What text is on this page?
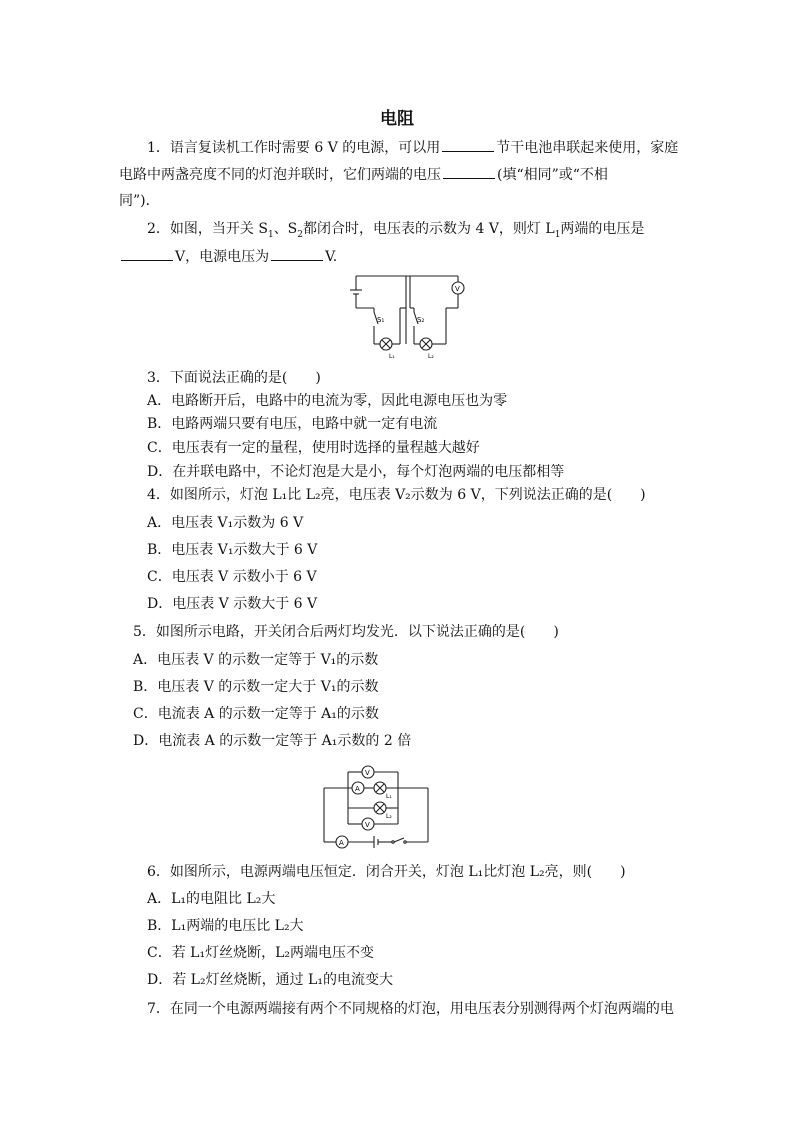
电阻
1．语言复读机工作时需要 6 V 的电源，可以用	节干电池串联起来使用，家庭
电路中两盏亮度不同的灯泡并联时，它们两端的电压	(填“相同”或“不相
同”)．
2．如图，当开关 $S_1$、$S_2$都闭合时，电压表的示数为 4 V，则灯 $L_1$两端的电压是
V，电源电压为	V.
S₁	S₂
L₁	L₂
V
3．下面说法正确的是(　　)
A．电路断开后，电路中的电流为零，因此电源电压也为零
B．电路两端只要有电压，电路中就一定有电流
C．电压表有一定的量程，使用时选择的量程越大越好
D．在并联电路中，不论灯泡是大是小，每个灯泡两端的电压都相等
4．如图所示，灯泡 L₁比 L₂亮，电压表 V₂示数为 6 V，下列说法正确的是(　　)
A．电压表 V₁示数为 6 V
B．电压表 V₁示数大于 6 V
C．电压表 V 示数小于 6 V
D．电压表 V 示数大于 6 V
5．如图所示电路，开关闭合后两灯均发光．以下说法正确的是(　　)
A．电压表 V 的示数一定等于 V₁的示数
B．电压表 V 的示数一定大于 V₁的示数
C．电流表 A 的示数一定等于 A₁的示数
D．电流表 A 的示数一定等于 A₁示数的 2 倍
V
A
A
V
L₁
L₂
6．如图所示，电源两端电压恒定．闭合开关，灯泡 L₁比灯泡 L₂亮，则(　　)
A．L₁的电阻比 L₂大
B．L₁两端的电压比 L₂大
C．若 L₁灯丝烧断，L₂两端电压不变
D．若 L₂灯丝烧断，通过 L₁的电流变大
7．在同一个电源两端接有两个不同规格的灯泡，用电压表分别测得两个灯泡两端的电
